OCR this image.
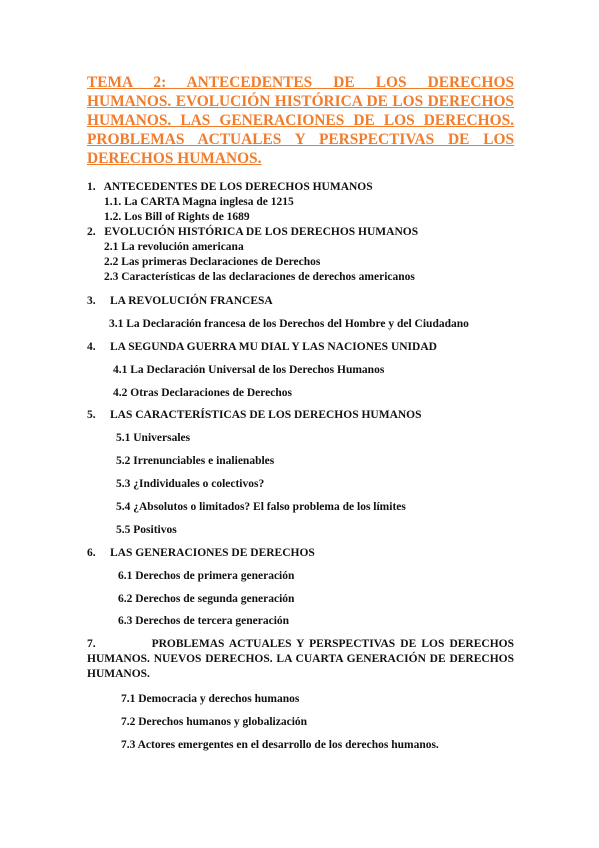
TEMA 2: ANTECEDENTES DE LOS DERECHOS HUMANOS. EVOLUCIÓN HISTÓRICA DE LOS DERECHOS HUMANOS. LAS GENERACIONES DE LOS DERECHOS. PROBLEMAS ACTUALES Y PERSPECTIVAS DE LOS DERECHOS HUMANOS.
1.   ANTECEDENTES DE LOS DERECHOS HUMANOS
1.1. La CARTA Magna inglesa de 1215
1.2. Los Bill of Rights de 1689
2.   EVOLUCIÓN HISTÓRICA DE LOS DERECHOS HUMANOS
2.1 La revolución americana
2.2 Las primeras Declaraciones de Derechos
2.3 Características de las declaraciones de derechos americanos
3.     LA REVOLUCIÓN FRANCESA
3.1 La Declaración francesa de los Derechos del Hombre y del Ciudadano
4.     LA SEGUNDA GUERRA MU DIAL Y LAS NACIONES UNIDAD
4.1 La Declaración Universal de los Derechos Humanos
4.2 Otras Declaraciones de Derechos
5.     LAS CARACTERÍSTICAS DE LOS DERECHOS HUMANOS
5.1 Universales
5.2 Irrenunciables e inalienables
5.3 ¿Individuales o colectivos?
5.4 ¿Absolutos o limitados? El falso problema de los límites
5.5 Positivos
6.     LAS GENERACIONES DE DERECHOS
6.1 Derechos de primera generación
6.2 Derechos de segunda generación
6.3 Derechos de tercera generación
7.           PROBLEMAS ACTUALES Y PERSPECTIVAS DE LOS DERECHOS HUMANOS. NUEVOS DERECHOS. LA CUARTA GENERACIÓN DE DERECHOS HUMANOS.
7.1 Democracia y derechos humanos
7.2 Derechos humanos y globalización
7.3 Actores emergentes en el desarrollo de los derechos humanos.
